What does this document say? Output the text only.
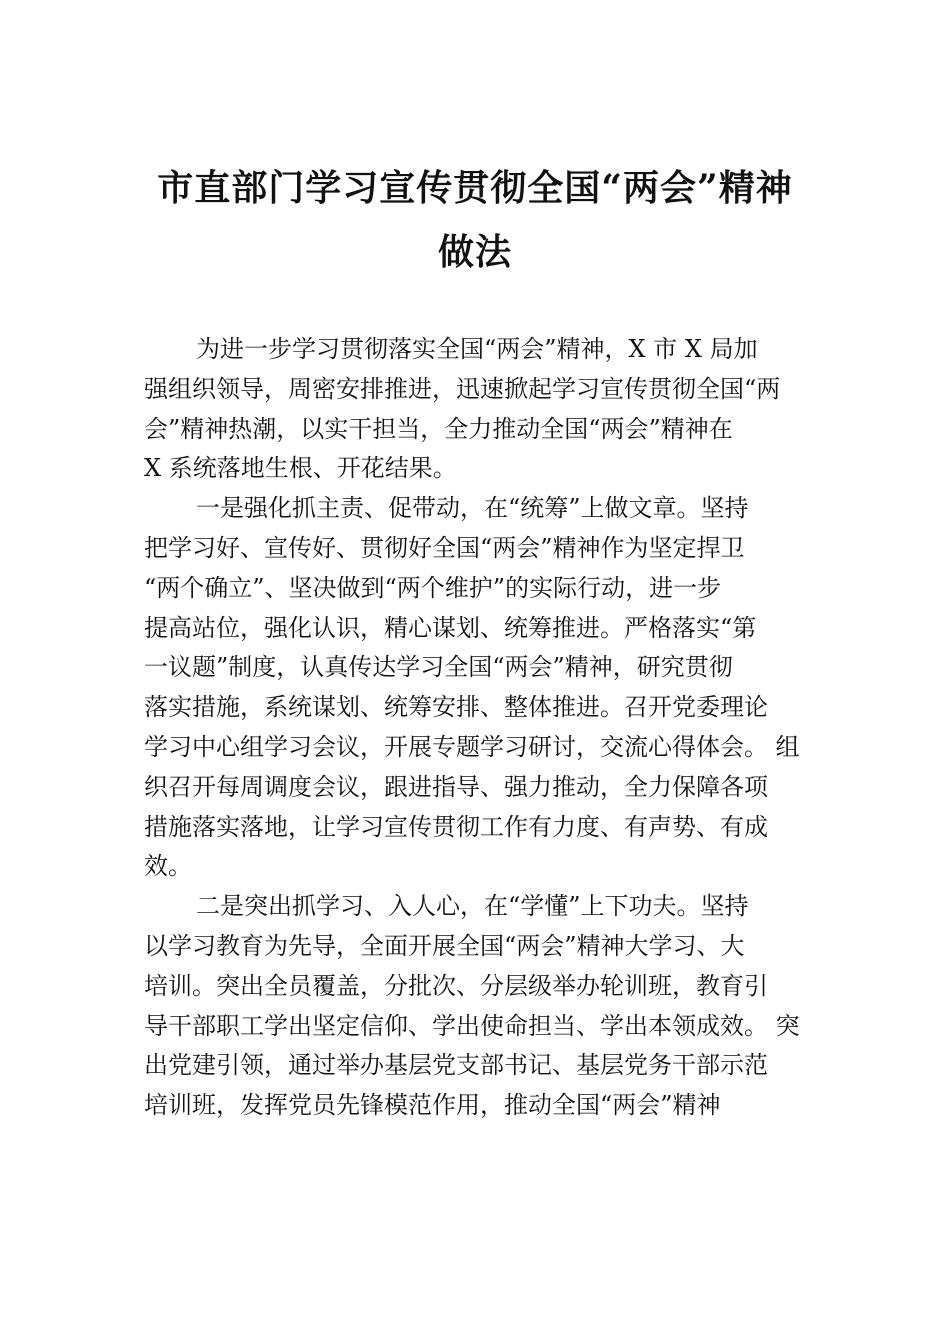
市直部门学习宣传贯彻全国“两会”精神
做法
为进一步学习贯彻落实全国“两会”精神，X 市 X 局加
强组织领导，周密安排推进，迅速掀起学习宣传贯彻全国“两
会”精神热潮，以实干担当，全力推动全国“两会”精神在
X 系统落地生根、开花结果。
一是强化抓主责、促带动，在“统筹”上做文章。坚持
把学习好、宣传好、贯彻好全国“两会”精神作为坚定捍卫
“两个确立”、坚决做到“两个维护”的实际行动，进一步
提高站位，强化认识，精心谋划、统筹推进。严格落实“第
一议题”制度，认真传达学习全国“两会”精神，研究贯彻
落实措施，系统谋划、统筹安排、整体推进。召开党委理论
学习中心组学习会议，开展专题学习研讨，交流心得体会。 组
织召开每周调度会议，跟进指导、强力推动，全力保障各项
措施落实落地，让学习宣传贯彻工作有力度、有声势、有成
效。
二是突出抓学习、入人心，在“学懂”上下功夫。坚持
以学习教育为先导，全面开展全国“两会”精神大学习、大
培训。突出全员覆盖，分批次、分层级举办轮训班，教育引
导干部职工学出坚定信仰、学出使命担当、学出本领成效。 突
出党建引领，通过举办基层党支部书记、基层党务干部示范
培训班，发挥党员先锋模范作用，推动全国“两会”精神
